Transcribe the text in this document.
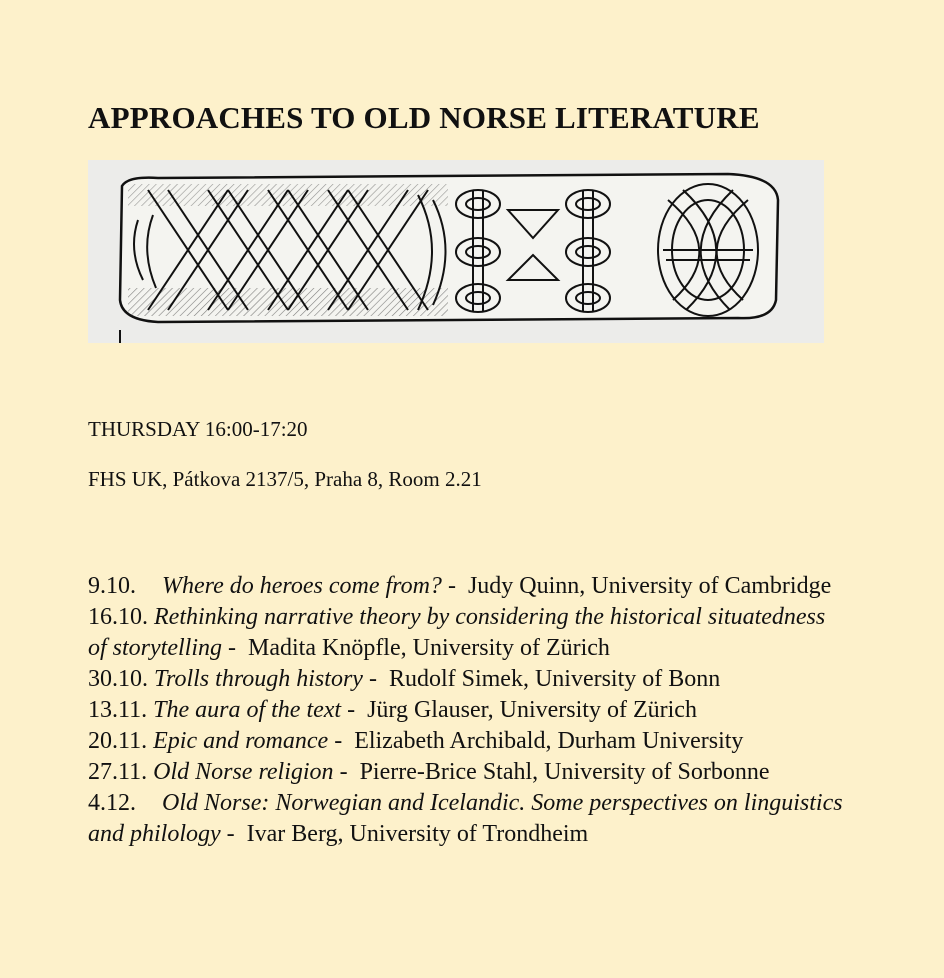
APPROACHES TO OLD NORSE LITERATURE
THURSDAY 16:00-17:20
FHS UK, Pátkova 2137/5, Praha 8, Room 2.21
9.10. Where do heroes come from? -  Judy Quinn, University of Cambridge
16.10. Rethinking narrative theory by considering the historical situatedness of storytelling -  Madita Knöpfle, University of Zürich
30.10. Trolls through history -  Rudolf Simek, University of Bonn
13.11. The aura of the text -  Jürg Glauser, University of Zürich
20.11. Epic and romance -  Elizabeth Archibald, Durham University
27.11. Old Norse religion -  Pierre-Brice Stahl, University of Sorbonne
4.12. Old Norse: Norwegian and Icelandic. Some perspectives on linguistics and philology -  Ivar Berg, University of Trondheim
